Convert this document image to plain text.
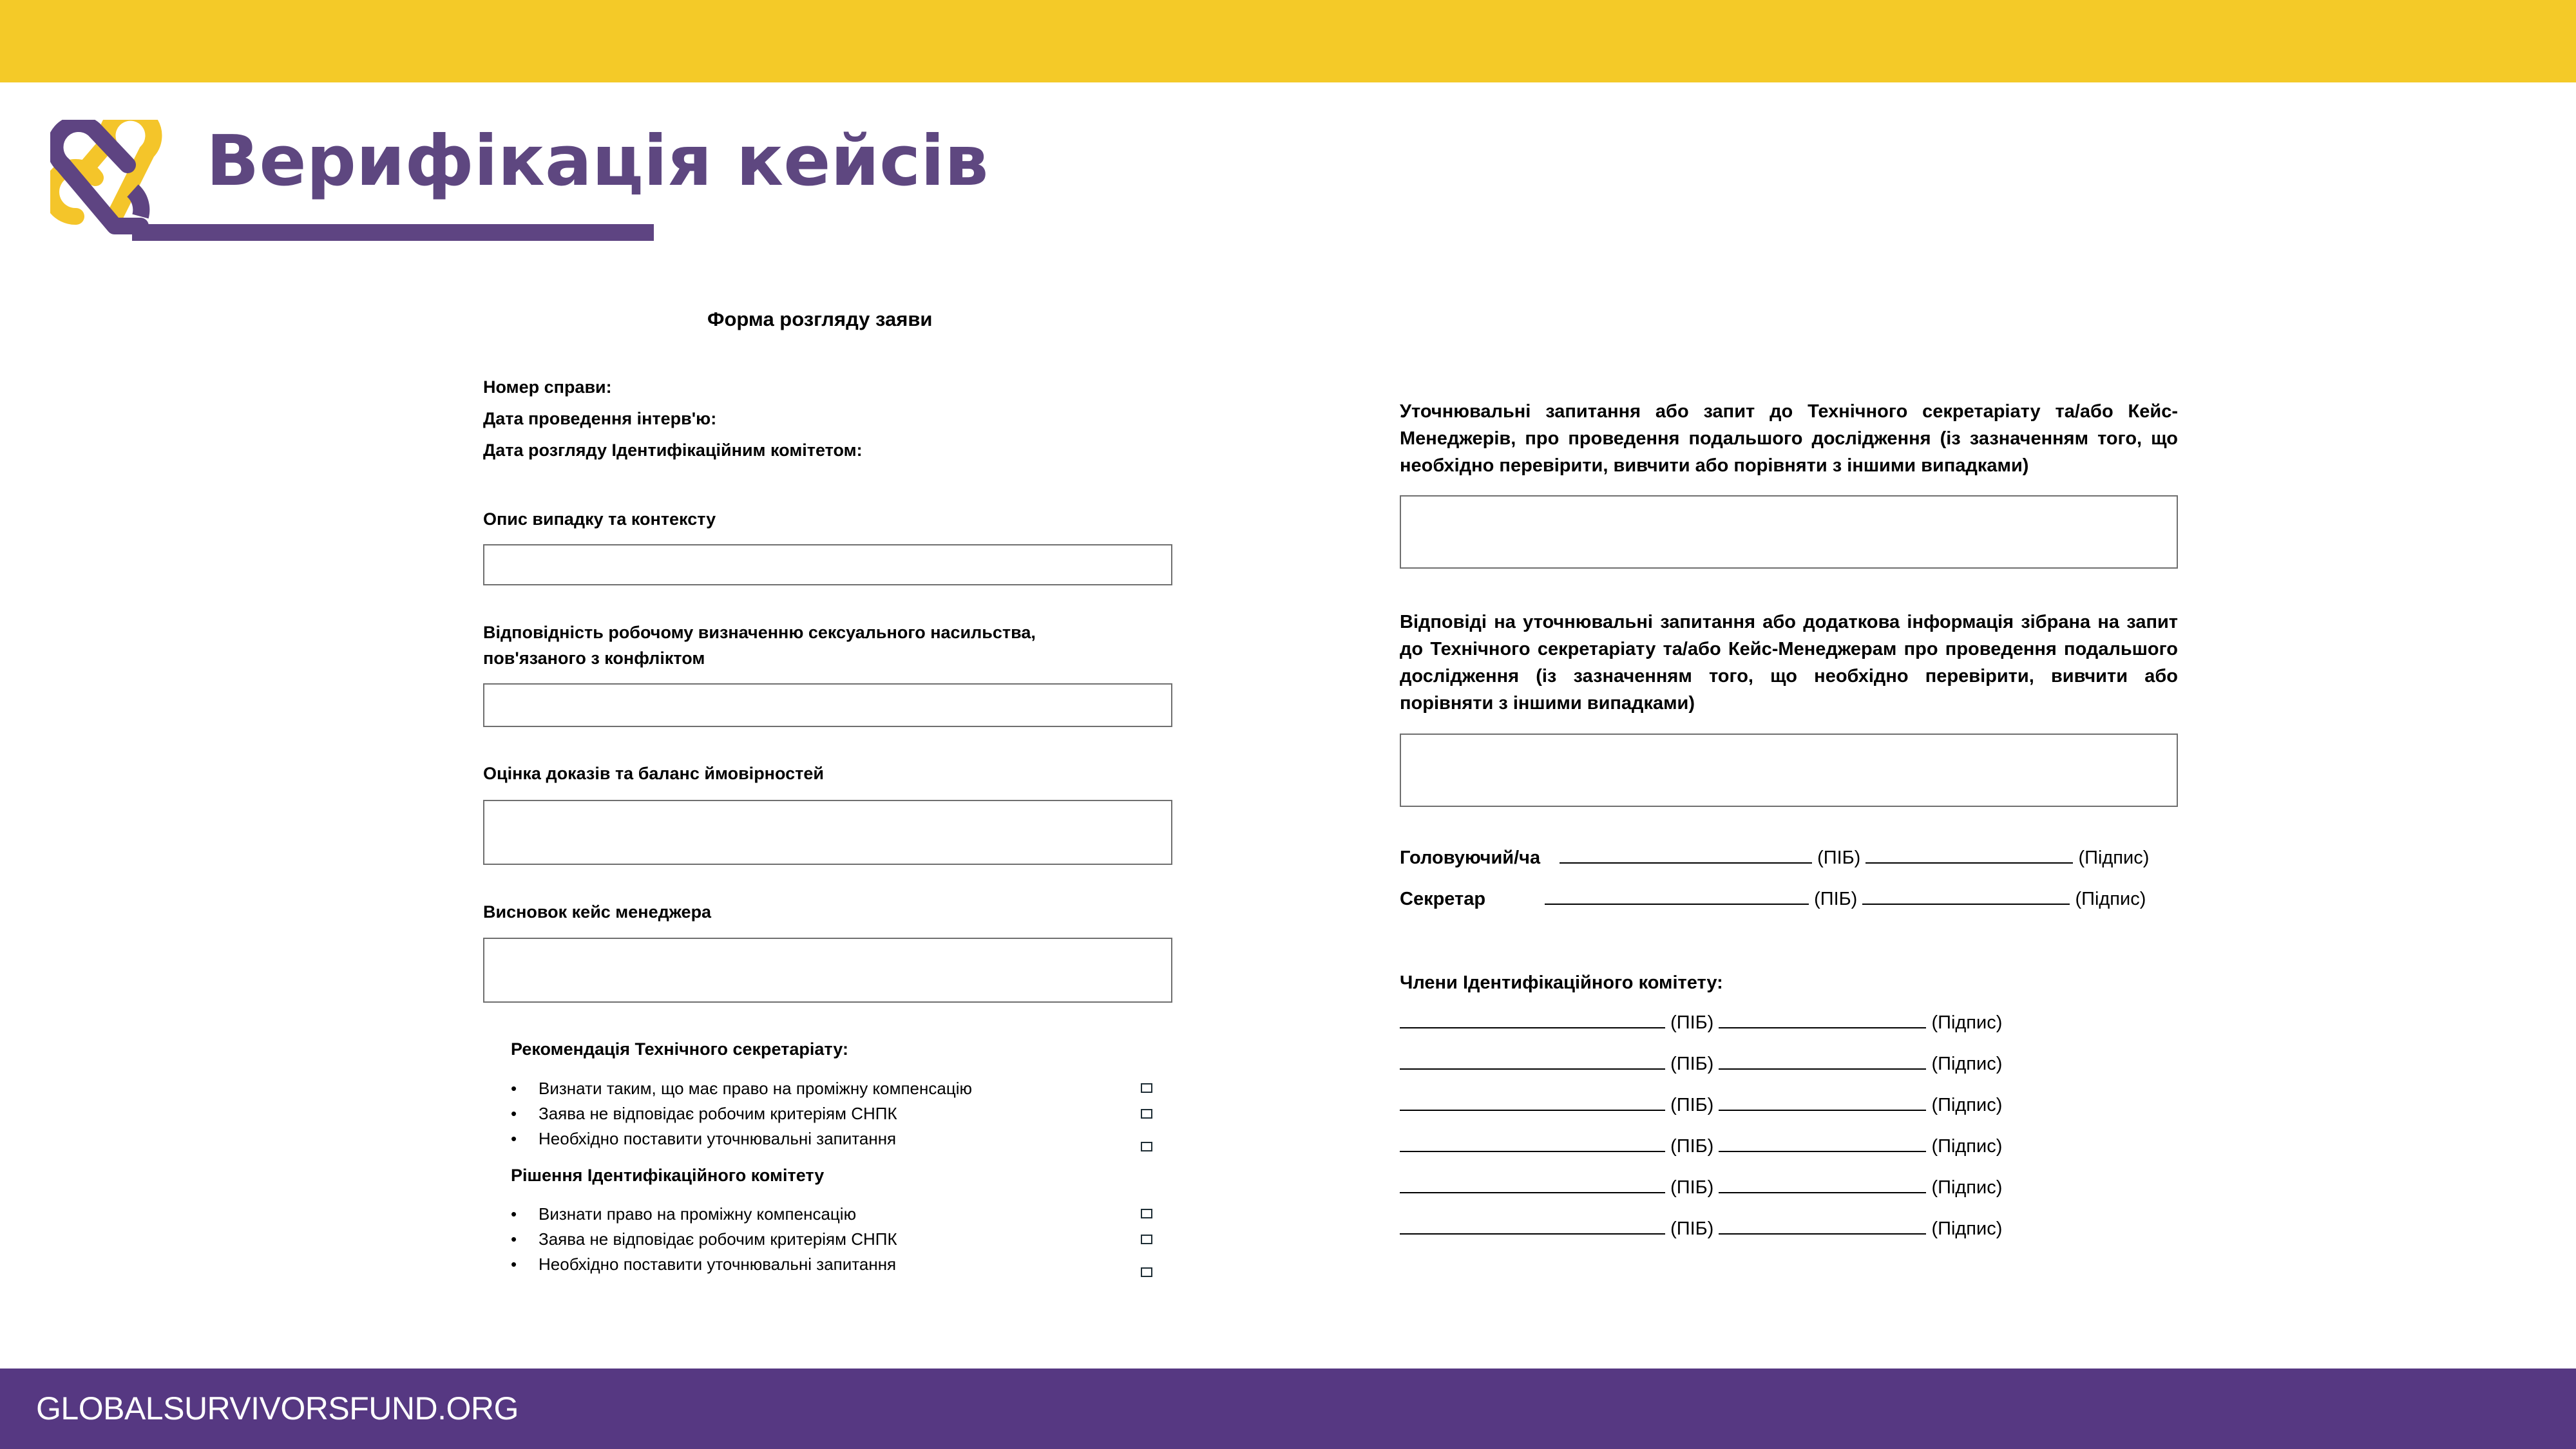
Верифікація кейсів
Форма розгляду заяви
Номер справи:
Дата проведення інтерв'ю:
Дата розгляду Ідентифікаційним комітетом:
Опис випадку та контексту
Відповідність робочому визначенню сексуального насильства, пов'язаного з конфліктом
Оцінка доказів та баланс ймовірностей
Висновок кейс менеджера
Рекомендація Технічного секретаріату:
• Визнати таким, що має право на проміжну компенсацію
• Заява не відповідає робочим критеріям СНПК
• Необхідно поставити уточнювальні запитання
Рішення Ідентифікаційного комітету
• Визнати право на проміжну компенсацію
• Заява не відповідає робочим критеріям СНПК
• Необхідно поставити уточнювальні запитання
Уточнювальні запитання або запит до Технічного секретаріату та/або Кейс-Менеджерів, про проведення подальшого дослідження (із зазначенням того, що необхідно перевірити, вивчити або порівняти з іншими випадками)
Відповіді на уточнювальні запитання або додаткова інформація зібрана на запит до Технічного секретаріату та/або Кейс-Менеджерам про проведення подальшого дослідження (із зазначенням того, що необхідно перевірити, вивчити або порівняти з іншими випадками)
Головуючий/ча	(ПІБ)	(Підпис)
Секретар	(ПІБ)	(Підпис)
Члени Ідентифікаційного комітету:
(ПІБ)	(Підпис)
(ПІБ)	(Підпис)
(ПІБ)	(Підпис)
(ПІБ)	(Підпис)
(ПІБ)	(Підпис)
(ПІБ)	(Підпис)
GLOBALSURVIVORSFUND.ORG
